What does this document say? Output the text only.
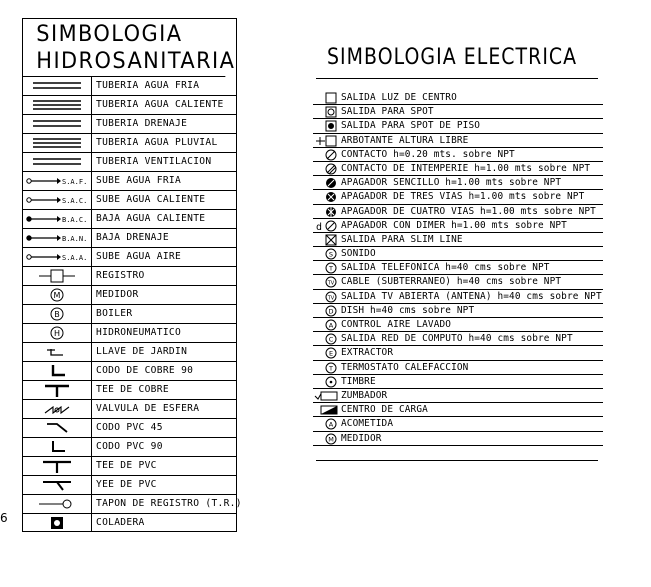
SIMBOLOGIA
HIDROSANITARIA
TUBERIA AGUA FRIA
TUBERIA AGUA CALIENTE
TUBERIA DRENAJE
TUBERIA AGUA PLUVIAL
TUBERIA VENTILACION
S.A.F. SUBE AGUA FRIA
S.A.C. SUBE AGUA CALIENTE
B.A.C. BAJA AGUA CALIENTE
B.A.N. BAJA DRENAJE
S.A.A. SUBE AGUA AIRE
REGISTRO
M	MEDIDOR
B	BOILER
H	HIDRONEUMATICO
LLAVE DE JARDIN
CODO DE COBRE 90
TEE DE COBRE
VALVULA DE ESFERA
CODO PVC 45
CODO PVC 90
TEE DE PVC
YEE DE PVC
TAPON DE REGISTRO (T.R.)
COLADERA
SIMBOLOGIA ELECTRICA
SALIDA LUZ DE CENTRO
SALIDA PARA SPOT
SALIDA PARA SPOT DE PISO
ARBOTANTE ALTURA LIBRE
CONTACTO h=0.20 mts. sobre NPT
CONTACTO DE INTEMPERIE h=1.00 mts sobre NPT
APAGADOR SENCILLO h=1.00 mts sobre NPT
APAGADOR DE TRES VIAS h=1.00 mts sobre NPT
APAGADOR DE CUATRO VIAS h=1.00 mts sobre NPT
d APAGADOR CON DIMER h=1.00 mts sobre NPT
SALIDA PARA SLIM LINE
S SONIDO
T SALIDA TELEFONICA h=40 cms sobre NPT
TV CABLE (SUBTERRANEO) h=40 cms sobre NPT
TV SALIDA TV ABIERTA (ANTENA) h=40 cms sobre NPT
D DISH h=40 cms sobre NPT
A CONTROL AIRE LAVADO
C SALIDA RED DE COMPUTO h=40 cms sobre NPT
E EXTRACTOR
T TERMOSTATO CALEFACCION
TIMBRE
ZUMBADOR
CENTRO DE CARGA
A ACOMETIDA
M MEDIDOR
6
